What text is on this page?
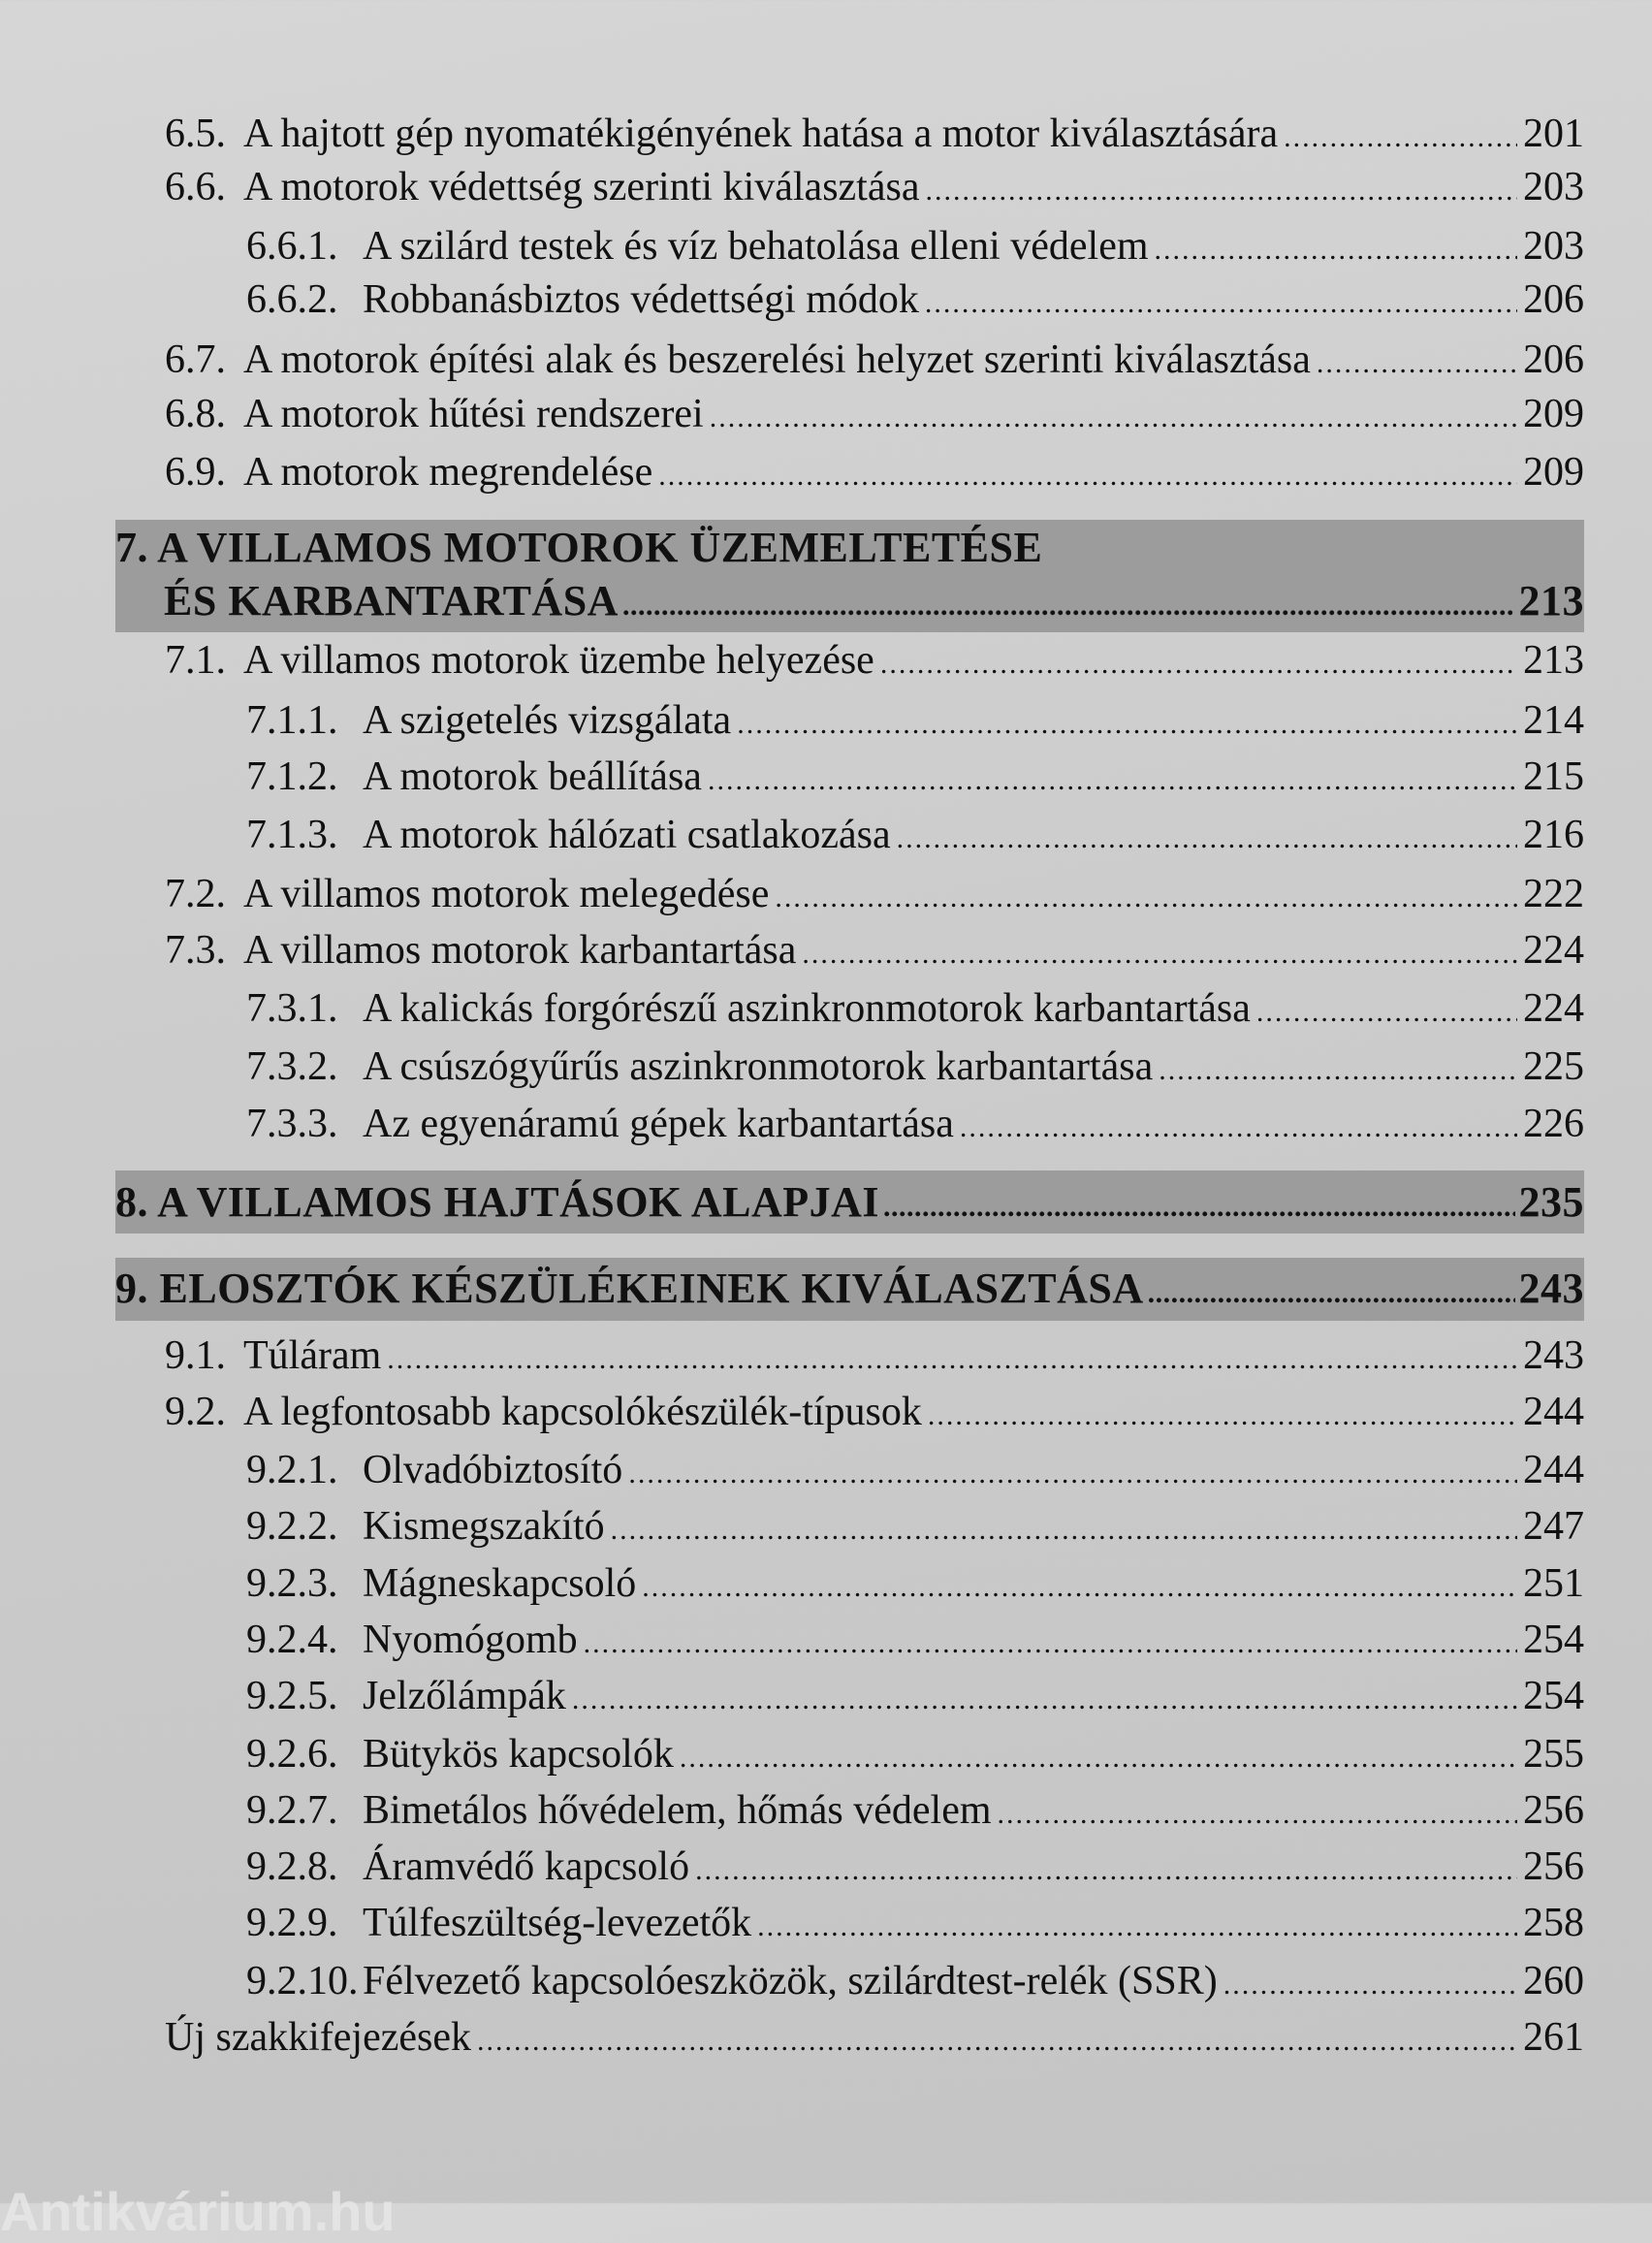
6.5. A hajtott gép nyomatékigényének hatása a motor kiválasztására .....	201
6.6. A motorok védettség szerinti kiválasztása .....	203
6.6.1. A szilárd testek és víz behatolása elleni védelem .....	203
6.6.2. Robbanásbiztos védettségi módok .....	206
6.7. A motorok építési alak és beszerelési helyzet szerinti kiválasztása .....	206
6.8. A motorok hűtési rendszerei .....	209
6.9. A motorok megrendelése .....	209
7.1. A villamos motorok üzembe helyezése .....	213
7.1.1. A szigetelés vizsgálata .....	214
7.1.2. A motorok beállítása .....	215
7.1.3. A motorok hálózati csatlakozása .....	216
7.2. A villamos motorok melegedése .....	222
7.3. A villamos motorok karbantartása .....	224
7.3.1. A kalickás forgórészű aszinkronmotorok karbantartása .....	224
7.3.2. A csúszógyűrűs aszinkronmotorok karbantartása .....	225
7.3.3. Az egyenáramú gépek karbantartása .....	226
9.1. Túláram .....	243
9.2. A legfontosabb kapcsolókészülék-típusok .....	244
9.2.1. Olvadóbiztosító .....	244
9.2.2. Kismegszakító .....	247
9.2.3. Mágneskapcsoló .....	251
9.2.4. Nyomógomb .....	254
9.2.5. Jelzőlámpák .....	254
9.2.6. Bütykös kapcsolók .....	255
9.2.7. Bimetálos hővédelem, hőmás védelem .....	256
9.2.8. Áramvédő kapcsoló .....	256
9.2.9. Túlfeszültség-levezetők .....	258
9.2.10. Félvezető kapcsolóeszközök, szilárdtest-relék (SSR) .....	260
Új szakkifejezések .....	261
7. A VILLAMOS MOTOROK ÜZEMELTETÉSE
ÉS KARBANTARTÁSA .....	213
8. A VILLAMOS HAJTÁSOK ALAPJAI .....	235
9. ELOSZTÓK KÉSZÜLÉKEINEK KIVÁLASZTÁSA .....	243
Antikvárium.hu
